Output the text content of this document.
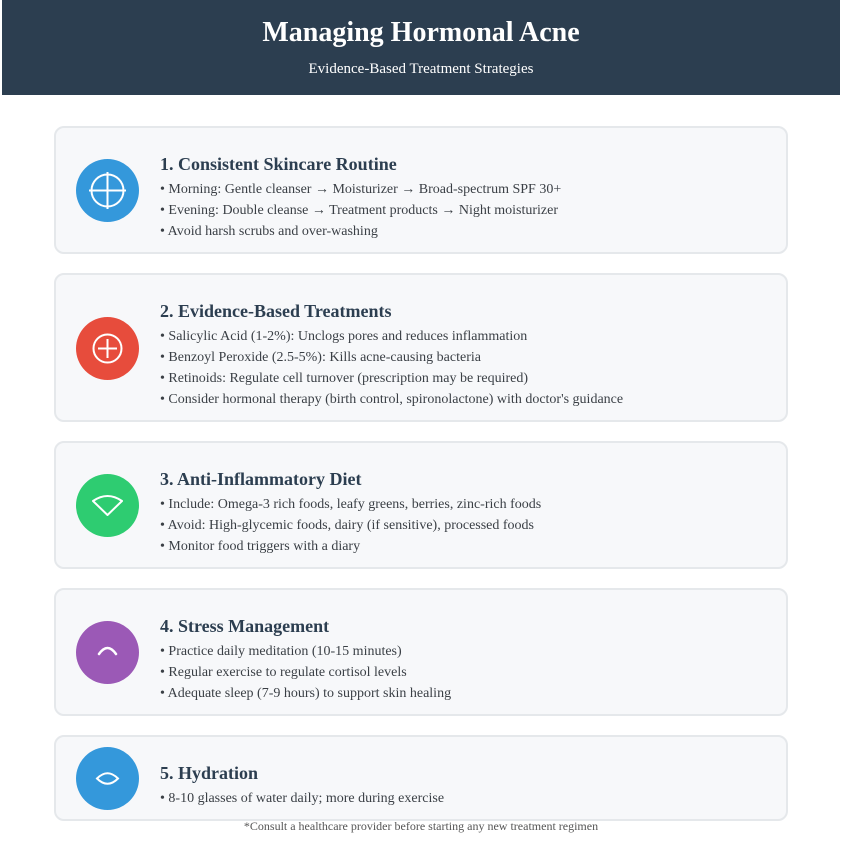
Managing Hormonal Acne
Evidence-Based Treatment Strategies
1. Consistent Skincare Routine
• Morning: Gentle cleanser → Moisturizer → Broad-spectrum SPF 30+
• Evening: Double cleanse → Treatment products → Night moisturizer
• Avoid harsh scrubs and over-washing
2. Evidence-Based Treatments
• Salicylic Acid (1-2%): Unclogs pores and reduces inflammation
• Benzoyl Peroxide (2.5-5%): Kills acne-causing bacteria
• Retinoids: Regulate cell turnover (prescription may be required)
• Consider hormonal therapy (birth control, spironolactone) with doctor's guidance
3. Anti-Inflammatory Diet
• Include: Omega-3 rich foods, leafy greens, berries, zinc-rich foods
• Avoid: High-glycemic foods, dairy (if sensitive), processed foods
• Monitor food triggers with a diary
4. Stress Management
• Practice daily meditation (10-15 minutes)
• Regular exercise to regulate cortisol levels
• Adequate sleep (7-9 hours) to support skin healing
5. Hydration
• 8-10 glasses of water daily; more during exercise
*Consult a healthcare provider before starting any new treatment regimen
